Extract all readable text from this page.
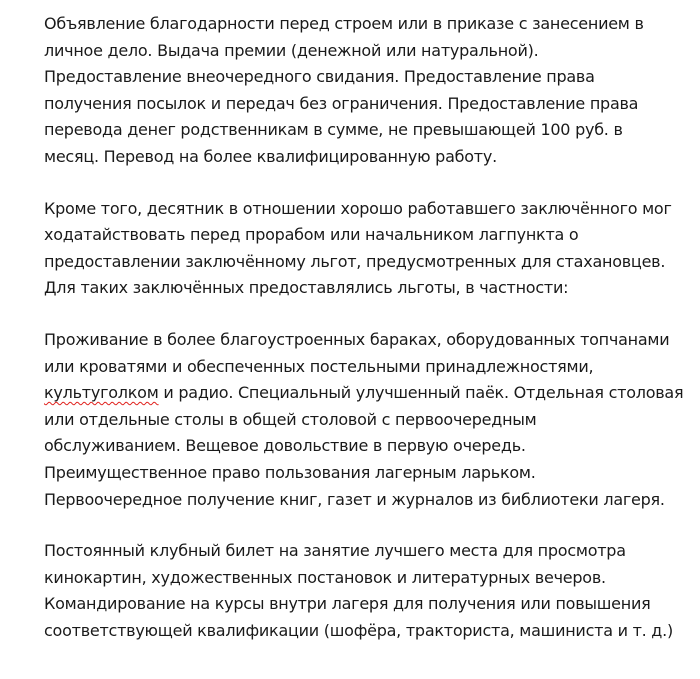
Объявление благодарности перед строем или в приказе с занесением в
личное дело. Выдача премии (денежной или натуральной).
Предоставление внеочередного свидания. Предоставление права
получения посылок и передач без ограничения. Предоставление права
перевода денег родственникам в сумме, не превышающей 100 руб. в
месяц. Перевод на более квалифицированную работу.

Кроме того, десятник в отношении хорошо работавшего заключённого мог
ходатайствовать перед прорабом или начальником лагпункта о
предоставлении заключённому льгот, предусмотренных для стахановцев.
Для таких заключённых предоставлялись льготы, в частности:

Проживание в более благоустроенных бараках, оборудованных топчанами
или кроватями и обеспеченных постельными принадлежностями,
культуголком и радио. Специальный улучшенный паёк. Отдельная столовая
или отдельные столы в общей столовой с первоочередным
обслуживанием. Вещевое довольствие в первую очередь.
Преимущественное право пользования лагерным ларьком.
Первоочередное получение книг, газет и журналов из библиотеки лагеря.

Постоянный клубный билет на занятие лучшего места для просмотра
кинокартин, художественных постановок и литературных вечеров.
Командирование на курсы внутри лагеря для получения или повышения
соответствующей квалификации (шофёра, тракториста, машиниста и т. д.)
